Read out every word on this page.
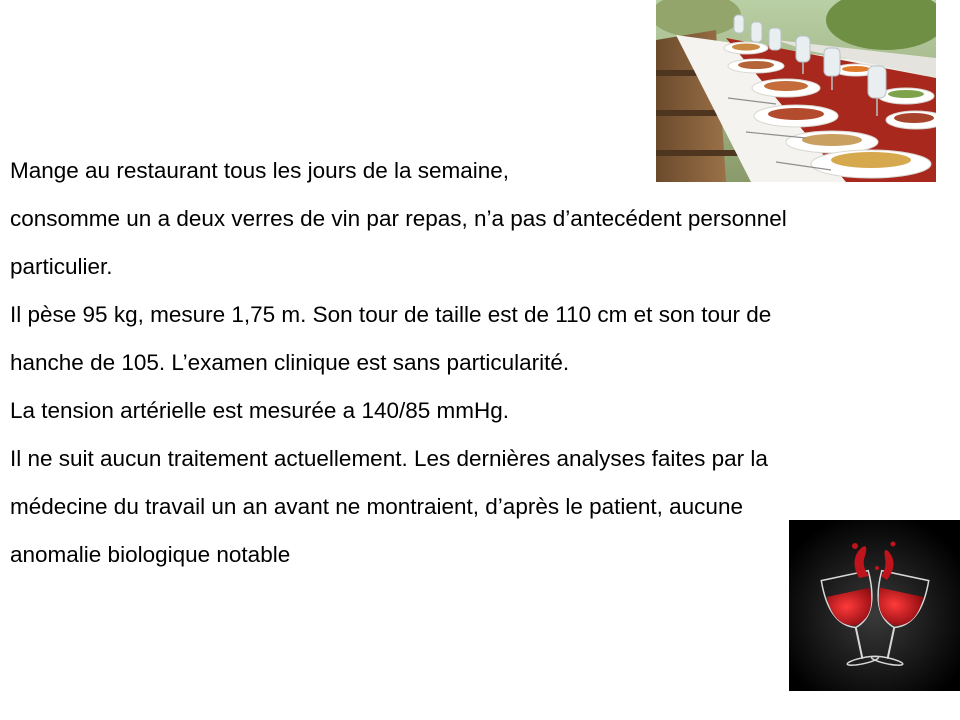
Mange au restaurant tous les jours de la semaine,
consomme un a deux verres de vin par repas, n’a pas d’antecédent personnel
particulier.
Il pèse 95 kg, mesure 1,75 m. Son tour de taille est de 110 cm et son tour de
hanche de 105. L’examen clinique est sans particularité.
La tension artérielle est mesurée a 140/85 mmHg.
Il ne suit aucun traitement actuellement. Les dernières analyses faites par la
médecine du travail un an avant ne montraient, d’après le patient, aucune
anomalie biologique notable
